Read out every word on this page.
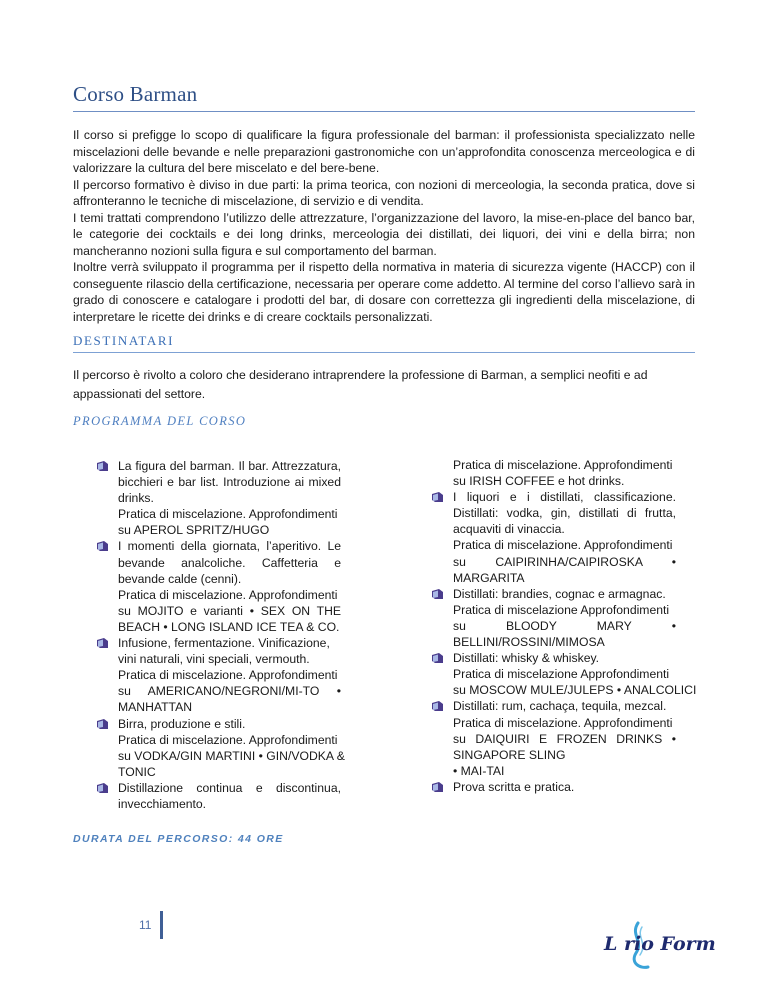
Corso Barman

Il corso si prefigge lo scopo di qualificare la figura professionale del barman: il professionista specializzato nelle miscelazioni delle bevande e nelle preparazioni gastronomiche con un’approfondita conoscenza merceologica e di valorizzare la cultura del bere miscelato e del bere-bene.

Il percorso formativo è diviso in due parti: la prima teorica, con nozioni di merceologia, la seconda pratica, dove si affronteranno le tecniche di miscelazione, di servizio e di vendita.

I temi trattati comprendono l’utilizzo delle attrezzature, l’organizzazione del lavoro, la mise-en-place del banco bar, le categorie dei cocktails e dei long drinks, merceologia dei distillati, dei liquori, dei vini e della birra; non mancheranno nozioni sulla figura e sul comportamento del barman.

Inoltre verrà sviluppato il programma per il rispetto della normativa in materia di sicurezza vigente (HACCP) con il conseguente rilascio della certificazione, necessaria per operare come addetto. Al termine del corso l’allievo sarà in grado di conoscere e catalogare i prodotti del bar, di dosare con correttezza gli ingredienti della miscelazione, di interpretare le ricette dei drinks e di creare cocktails personalizzati.

DESTINATARI

Il percorso è rivolto a coloro che desiderano intraprendere la professione di Barman, a semplici neofiti e ad appassionati del settore.

PROGRAMMA DEL CORSO
La figura del barman. Il bar. Attrezzatura,
bicchieri e bar list. Introduzione ai mixed
drinks.
Pratica di miscelazione. Approfondimenti
su APEROL SPRITZ/HUGO
I momenti della giornata, l’aperitivo. Le
bevande analcoliche. Caffetteria e
bevande calde (cenni).
Pratica di miscelazione. Approfondimenti
su MOJITO e varianti • SEX ON THE
BEACH • LONG ISLAND ICE TEA & CO.
Infusione, fermentazione. Vinificazione,
vini naturali, vini speciali, vermouth.
Pratica di miscelazione. Approfondimenti
su AMERICANO/NEGRONI/MI-TO •
MANHATTAN
Birra, produzione e stili.
Pratica di miscelazione. Approfondimenti
su VODKA/GIN MARTINI • GIN/VODKA &
TONIC
Distillazione continua e discontinua,
invecchiamento.
Pratica di miscelazione. Approfondimenti
su IRISH COFFEE e hot drinks.
I liquori e i distillati, classificazione.
Distillati: vodka, gin, distillati di frutta,
acquaviti di vinaccia.
Pratica di miscelazione. Approfondimenti
su CAIPIRINHA/CAIPIROSKA •
MARGARITA
Distillati: brandies, cognac e armagnac.
Pratica di miscelazione Approfondimenti
su BLOODY MARY •
BELLINI/ROSSINI/MIMOSA
Distillati: whisky & whiskey.
Pratica di miscelazione Approfondimenti
su MOSCOW MULE/JULEPS • ANALCOLICI
Distillati: rum, cachaça, tequila, mezcal.
Pratica di miscelazione. Approfondimenti
su DAIQUIRI E FROZEN DRINKS •
SINGAPORE SLING
• MAI-TAI
Prova scritta e pratica.
DURATA DEL PERCORSO: 44 ORE
11
L rio Form
